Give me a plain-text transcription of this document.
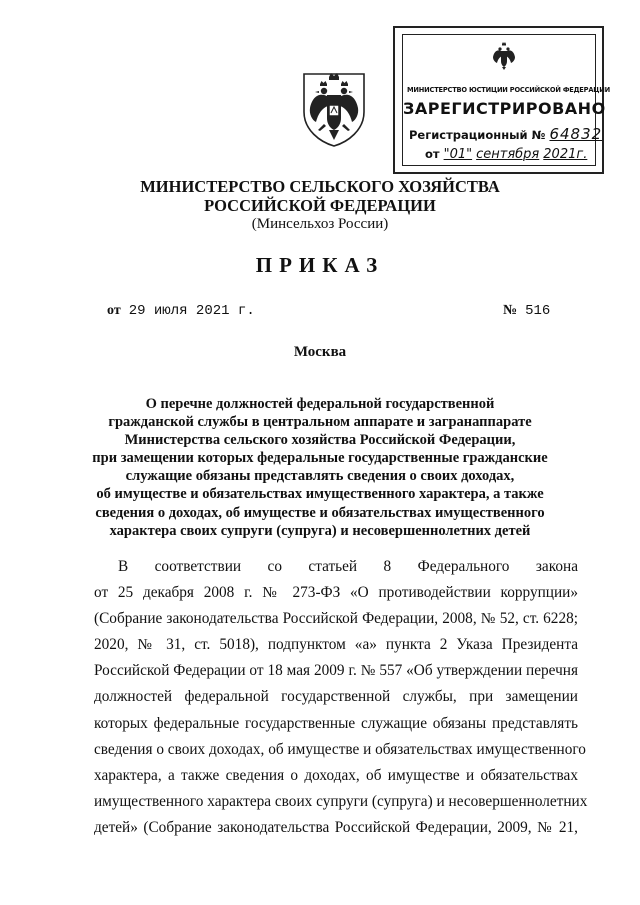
МИНИСТЕРСТВО ЮСТИЦИИ РОССИЙСКОЙ ФЕДЕРАЦИИ
ЗАРЕГИСТРИРОВАНО
Регистрационный № 64832
от "01" сентября 2021г.
МИНИСТЕРСТВО СЕЛЬСКОГО ХОЗЯЙСТВА
РОССИЙСКОЙ ФЕДЕРАЦИИ
(Минсельхоз России)
ПРИКАЗ
от 29 июля 2021 г.	№ 516
Москва
О перечне должностей федеральной государственной
гражданской службы в центральном аппарате и загранаппарате
Министерства сельского хозяйства Российской Федерации,
при замещении которых федеральные государственные гражданские
служащие обязаны представлять сведения о своих доходах,
об имуществе и обязательствах имущественного характера, а также
сведения о доходах, об имуществе и обязательствах имущественного
характера своих супруги (супруга) и несовершеннолетних детей
В соответствии со статьей 8 Федерального закона
от 25 декабря 2008 г. № 273-ФЗ «О противодействии коррупции»
(Собрание законодательства Российской Федерации, 2008, № 52, ст. 6228;
2020, № 31, ст. 5018), подпунктом «а» пункта 2 Указа Президента
Российской Федерации от 18 мая 2009 г. № 557 «Об утверждении перечня
должностей федеральной государственной службы, при замещении
которых федеральные государственные служащие обязаны представлять
сведения о своих доходах, об имуществе и обязательствах имущественного
характера, а также сведения о доходах, об имуществе и обязательствах
имущественного характера своих супруги (супруга) и несовершеннолетних
детей» (Собрание законодательства Российской Федерации, 2009, № 21,
